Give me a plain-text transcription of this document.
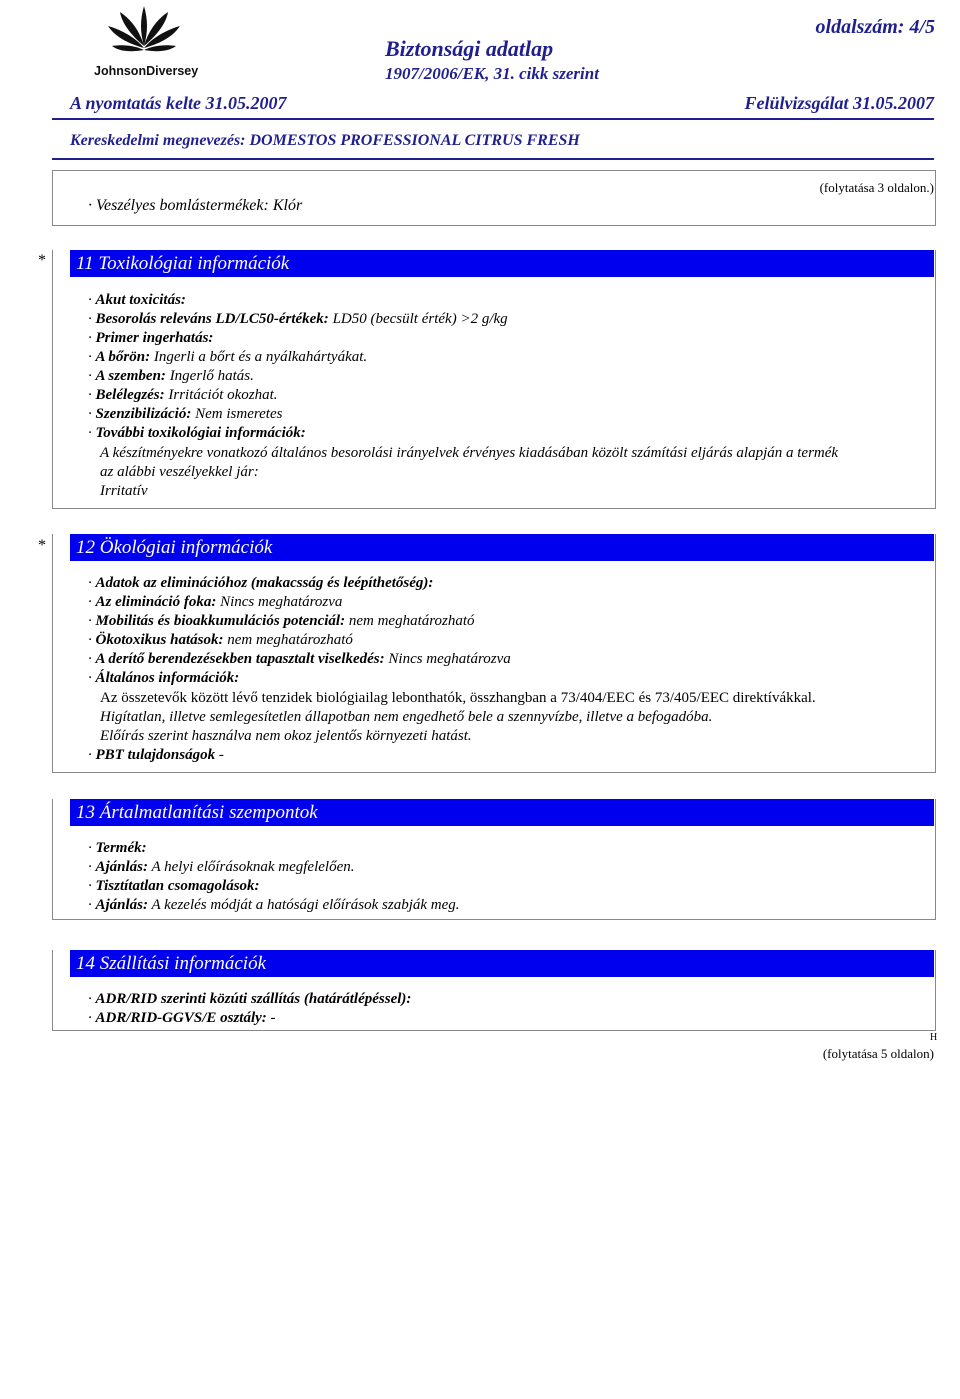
JohnsonDiversey
Biztonsági adatlap
1907/2006/EK, 31. cikk szerint
oldalszám: 4/5
A nyomtatás kelte 31.05.2007	Felülvizsgálat 31.05.2007
Kereskedelmi megnevezés: DOMESTOS PROFESSIONAL CITRUS FRESH
(folytatása 3 oldalon.)
· Veszélyes bomlástermékek: Klór
*	11 Toxikológiai információk
· Akut toxicitás:
· Besorolás releváns LD/LC50-értékek: LD50 (becsült érték) >2 g/kg
· Primer ingerhatás:
· A bőrön: Ingerli a bőrt és a nyálkahártyákat.
· A szemben: Ingerlő hatás.
· Belélegzés: Irritációt okozhat.
· Szenzibilizáció: Nem ismeretes
· További toxikológiai információk:
A készítményekre vonatkozó általános besorolási irányelvek érvényes kiadásában közölt számítási eljárás alapján a termék
az alábbi veszélyekkel jár:
Irritatív
*	12 Ökológiai információk
· Adatok az eliminációhoz (makacsság és leépíthetőség):
· Az elimináció foka: Nincs meghatározva
· Mobilitás és bioakkumulációs potenciál: nem meghatározható
· Ökotoxikus hatások: nem meghatározható
· A derítő berendezésekben tapasztalt viselkedés: Nincs meghatározva
· Általános információk:
Az összetevők között lévő tenzidek biológiailag lebonthatók, összhangban a 73/404/EEC és 73/405/EEC direktívákkal.
Higítatlan, illetve semlegesítetlen állapotban nem engedhető bele a szennyvízbe, illetve a befogadóba.
Előírás szerint használva nem okoz jelentős környezeti hatást.
· PBT tulajdonságok -
13 Ártalmatlanítási szempontok
· Termék:
· Ajánlás: A helyi előírásoknak megfelelően.
· Tisztítatlan csomagolások:
· Ajánlás: A kezelés módját a hatósági előírások szabják meg.
14 Szállítási információk
· ADR/RID szerinti közúti szállítás (határátlépéssel):
· ADR/RID-GGVS/E osztály: -
H
(folytatása 5 oldalon)
